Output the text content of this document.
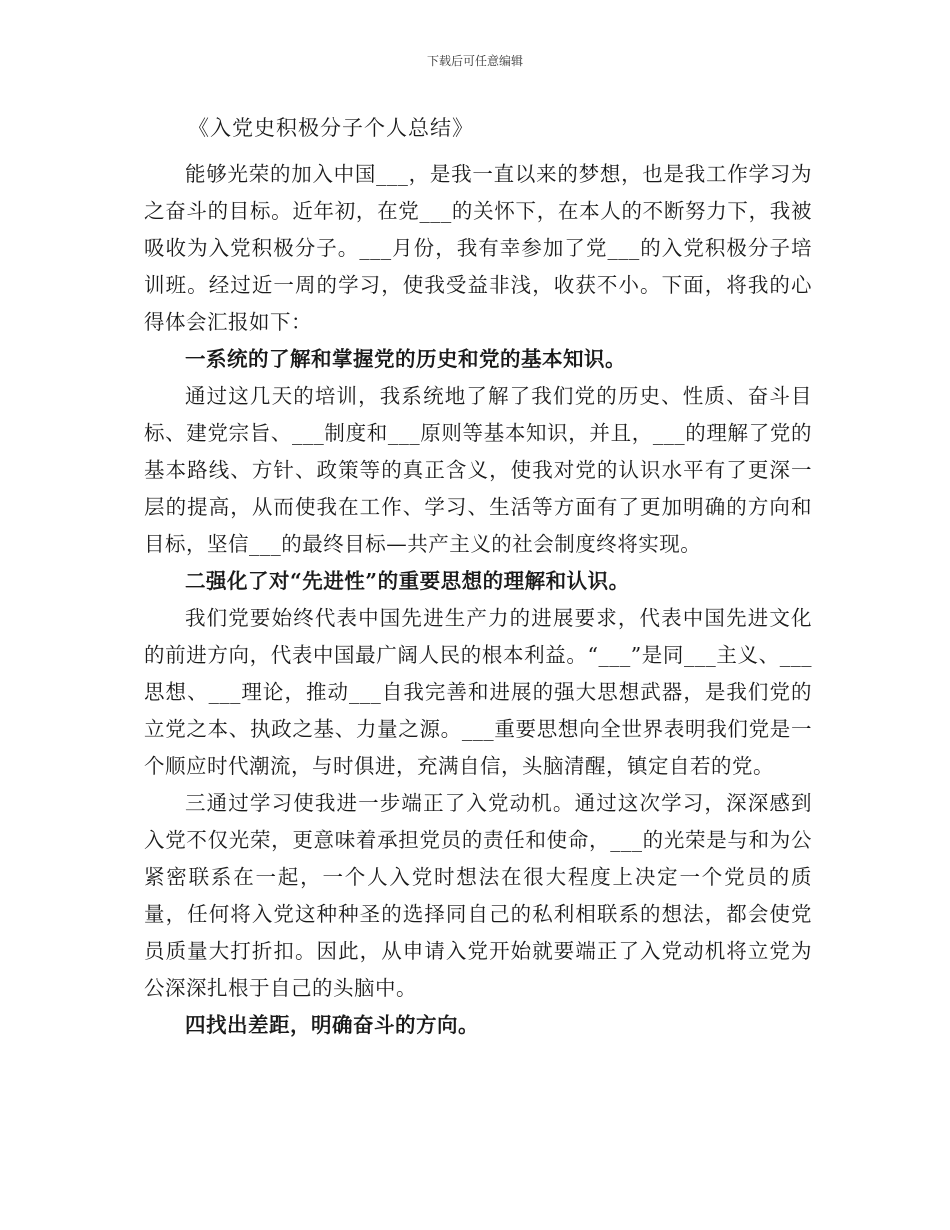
下载后可任意编辑
《入党史积极分子个人总结》

能够光荣的加入中国___，是我一直以来的梦想，也是我工作学习为之奋斗的目标。近年初，在党___的关怀下，在本人的不断努力下，我被吸收为入党积极分子。___月份，我有幸参加了党___的入党积极分子培训班。经过近一周的学习，使我受益非浅，收获不小。下面，将我的心得体会汇报如下：

一系统的了解和掌握党的历史和党的基本知识。

通过这几天的培训，我系统地了解了我们党的历史、性质、奋斗目标、建党宗旨、___制度和___原则等基本知识，并且，___的理解了党的基本路线、方针、政策等的真正含义，使我对党的认识水平有了更深一层的提高，从而使我在工作、学习、生活等方面有了更加明确的方向和目标，坚信___的最终目标—共产主义的社会制度终将实现。

二强化了对“先进性”的重要思想的理解和认识。

我们党要始终代表中国先进生产力的进展要求，代表中国先进文化的前进方向，代表中国最广阔人民的根本利益。“___”是同___主义、___思想、___理论，推动___自我完善和进展的强大思想武器，是我们党的立党之本、执政之基、力量之源。___重要思想向全世界表明我们党是一个顺应时代潮流，与时俱进，充满自信，头脑清醒，镇定自若的党。

三通过学习使我进一步端正了入党动机。通过这次学习，深深感到入党不仅光荣，更意味着承担党员的责任和使命，___的光荣是与和为公紧密联系在一起，一个人入党时想法在很大程度上决定一个党员的质量，任何将入党这种种圣的选择同自己的私利相联系的想法，都会使党员质量大打折扣。因此，从申请入党开始就要端正了入党动机将立党为公深深扎根于自己的头脑中。

四找出差距，明确奋斗的方向。
